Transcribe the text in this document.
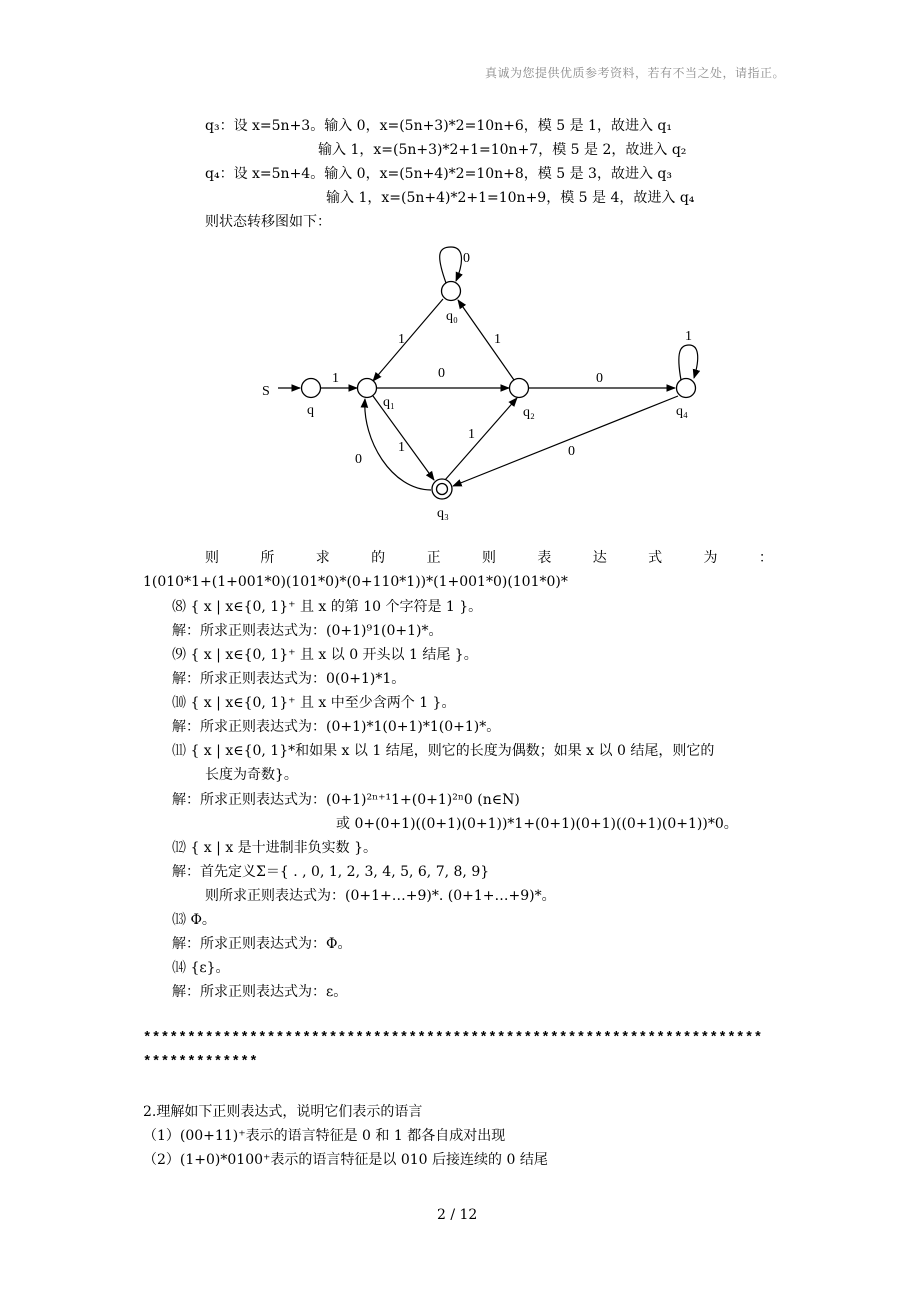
真诚为您提供优质参考资料，若有不当之处，请指正。
q₃：设 x=5n+3。输入 0，x=(5n+3)*2=10n+6，模 5 是 1，故进入 q₁
输入 1，x=(5n+3)*2+1=10n+7，模 5 是 2，故进入 q₂
q₄：设 x=5n+4。输入 0，x=(5n+4)*2=10n+8，模 5 是 3，故进入 q₃
输入 1，x=(5n+4)*2+1=10n+9，模 5 是 4，故进入 q₄
则状态转移图如下：
S
q
q₀
q₁
q₂
q₃
q₄
0
1
1	1
0	0
1
1
1
0
0
则	所	求	的	正	则	表	达	式	为	：
1(010*1+(1+001*0)(101*0)*(0+110*1))*(1+001*0)(101*0)*
⑻ { x | x∈{0, 1}⁺ 且 x 的第 10 个字符是 1 }。
解：所求正则表达式为：(0+1)⁹1(0+1)*。
⑼ { x | x∈{0, 1}⁺ 且 x 以 0 开头以 1 结尾 }。
解：所求正则表达式为：0(0+1)*1。
⑽ { x | x∈{0, 1}⁺ 且 x 中至少含两个 1 }。
解：所求正则表达式为：(0+1)*1(0+1)*1(0+1)*。
⑾ { x | x∈{0, 1}*和如果 x 以 1 结尾，则它的长度为偶数；如果 x 以 0 结尾，则它的
长度为奇数}。
解：所求正则表达式为：(0+1)²ⁿ⁺¹1+(0+1)²ⁿ0 (n∈N)
或 0+(0+1)((0+1)(0+1))*1+(0+1)(0+1)((0+1)(0+1))*0。
⑿ { x | x 是十进制非负实数 }。
解：首先定义Σ＝{ . , 0, 1, 2, 3, 4, 5, 6, 7, 8, 9}
则所求正则表达式为：(0+1+…+9)*. (0+1+…+9)*。
⒀ Φ。
解：所求正则表达式为：Φ。
⒁ {ε}。
解：所求正则表达式为：ε。
**********************************************************************
*************
2.理解如下正则表达式，说明它们表示的语言
（1）(00+11)⁺表示的语言特征是 0 和 1 都各自成对出现
（2）(1+0)*0100⁺表示的语言特征是以 010 后接连续的 0 结尾
2 / 12
